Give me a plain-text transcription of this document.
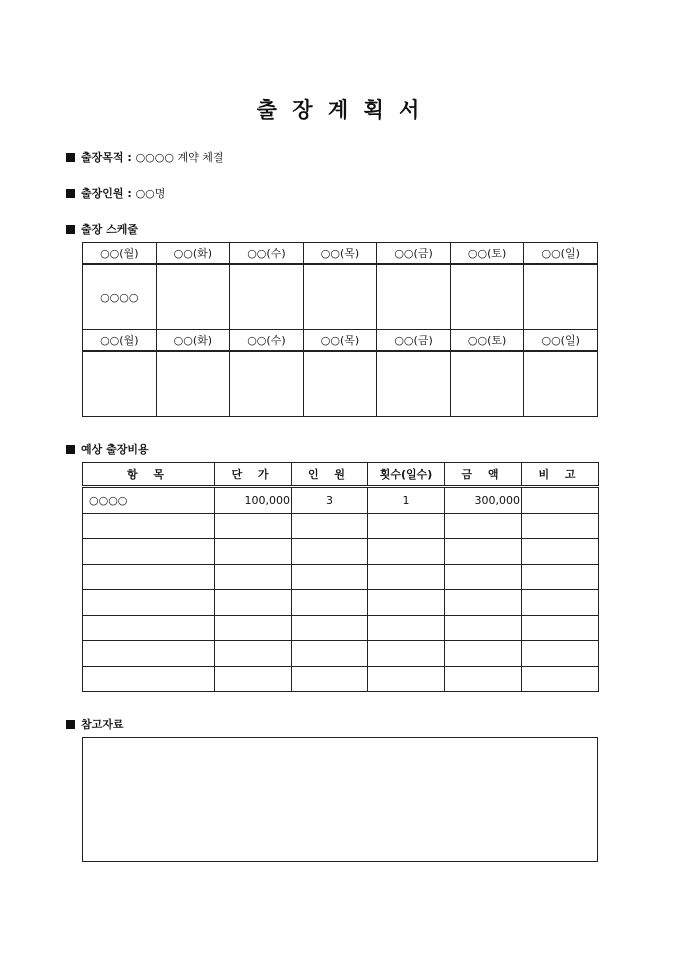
출 장 계 획 서
출장목적 : ○○○○ 계약 체결
출장인원 : ○○명
출장 스케줄
○○(월)	○○(화)	○○(수)	○○(목)	○○(금)	○○(토)	○○(일)
○○○○						
○○(월)	○○(화)	○○(수)	○○(목)	○○(금)	○○(토)	○○(일)

예상 출장비용
항 목	단 가	인 원	횟수(일수)	금 액	비 고
○○○○	100,000	3	1	300,000	

참고자료
